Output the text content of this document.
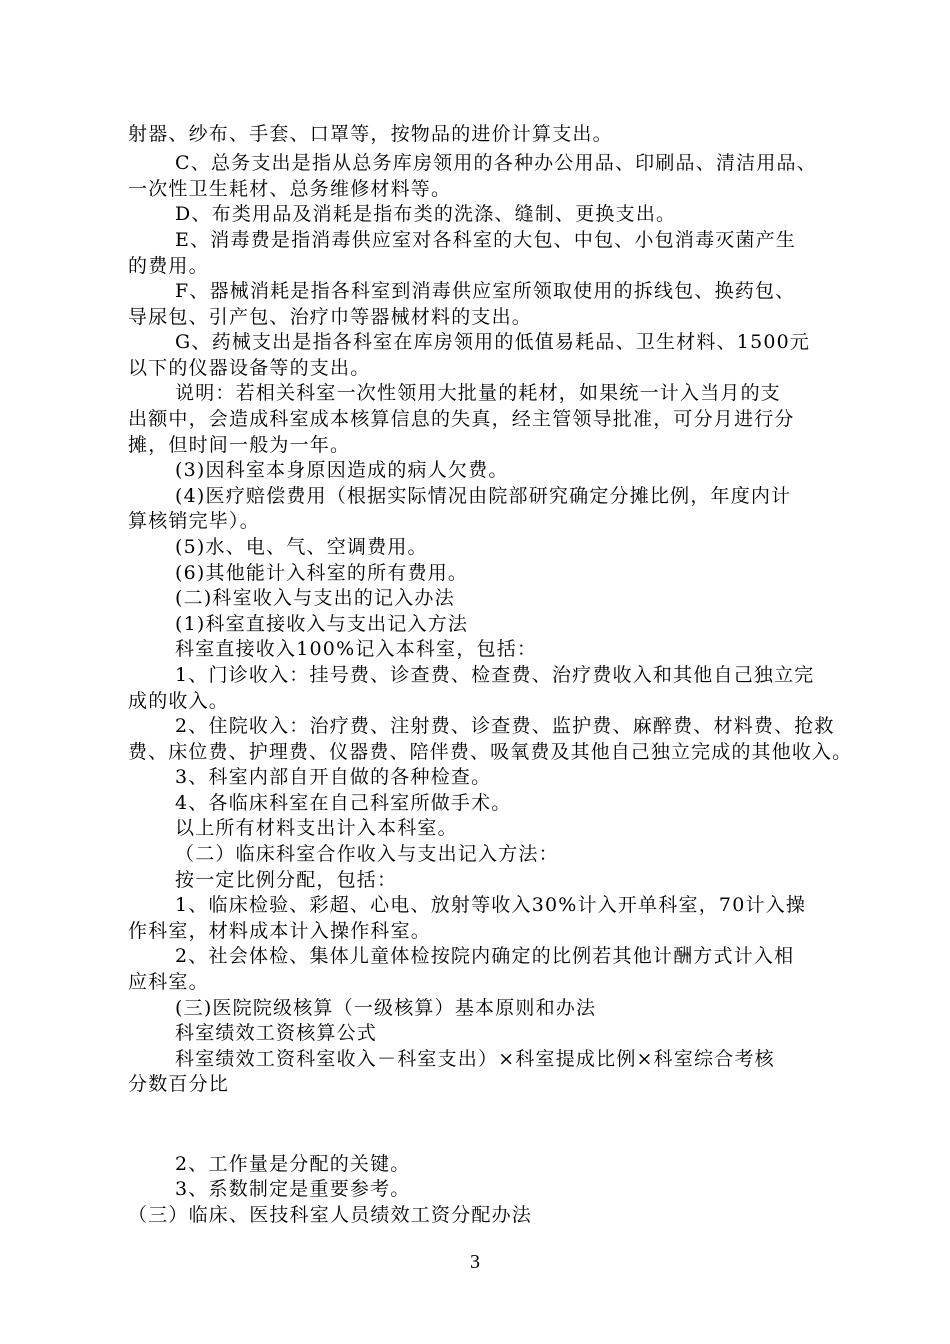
射器、纱布、手套、口罩等，按物品的进价计算支出。
C、总务支出是指从总务库房领用的各种办公用品、印刷品、清洁用品、
一次性卫生耗材、总务维修材料等。
D、布类用品及消耗是指布类的洗涤、缝制、更换支出。
E、消毒费是指消毒供应室对各科室的大包、中包、小包消毒灭菌产生
的费用。
F、器械消耗是指各科室到消毒供应室所领取使用的拆线包、换药包、
导尿包、引产包、治疗巾等器械材料的支出。
G、药械支出是指各科室在库房领用的低值易耗品、卫生材料、1500元
以下的仪器设备等的支出。
说明：若相关科室一次性领用大批量的耗材，如果统一计入当月的支
出额中，会造成科室成本核算信息的失真，经主管领导批准，可分月进行分
摊，但时间一般为一年。
(3)因科室本身原因造成的病人欠费。
(4)医疗赔偿费用（根据实际情况由院部研究确定分摊比例，年度内计
算核销完毕）。
(5)水、电、气、空调费用。
(6)其他能计入科室的所有费用。
(二)科室收入与支出的记入办法
(1)科室直接收入与支出记入方法
科室直接收入100%记入本科室，包括：
1、门诊收入：挂号费、诊查费、检查费、治疗费收入和其他自己独立完
成的收入。
2、住院收入：治疗费、注射费、诊查费、监护费、麻醉费、材料费、抢救
费、床位费、护理费、仪器费、陪伴费、吸氧费及其他自己独立完成的其他收入。
3、科室内部自开自做的各种检查。
4、各临床科室在自己科室所做手术。
以上所有材料支出计入本科室。
（二）临床科室合作收入与支出记入方法：
按一定比例分配，包括：
1、临床检验、彩超、心电、放射等收入30%计入开单科室，70计入操
作科室，材料成本计入操作科室。
2、社会体检、集体儿童体检按院内确定的比例若其他计酬方式计入相
应科室。
(三)医院院级核算（一级核算）基本原则和办法
科室绩效工资核算公式
科室绩效工资科室收入－科室支出）×科室提成比例×科室综合考核
分数百分比
2、工作量是分配的关键。
3、系数制定是重要参考。
（三）临床、医技科室人员绩效工资分配办法
3
